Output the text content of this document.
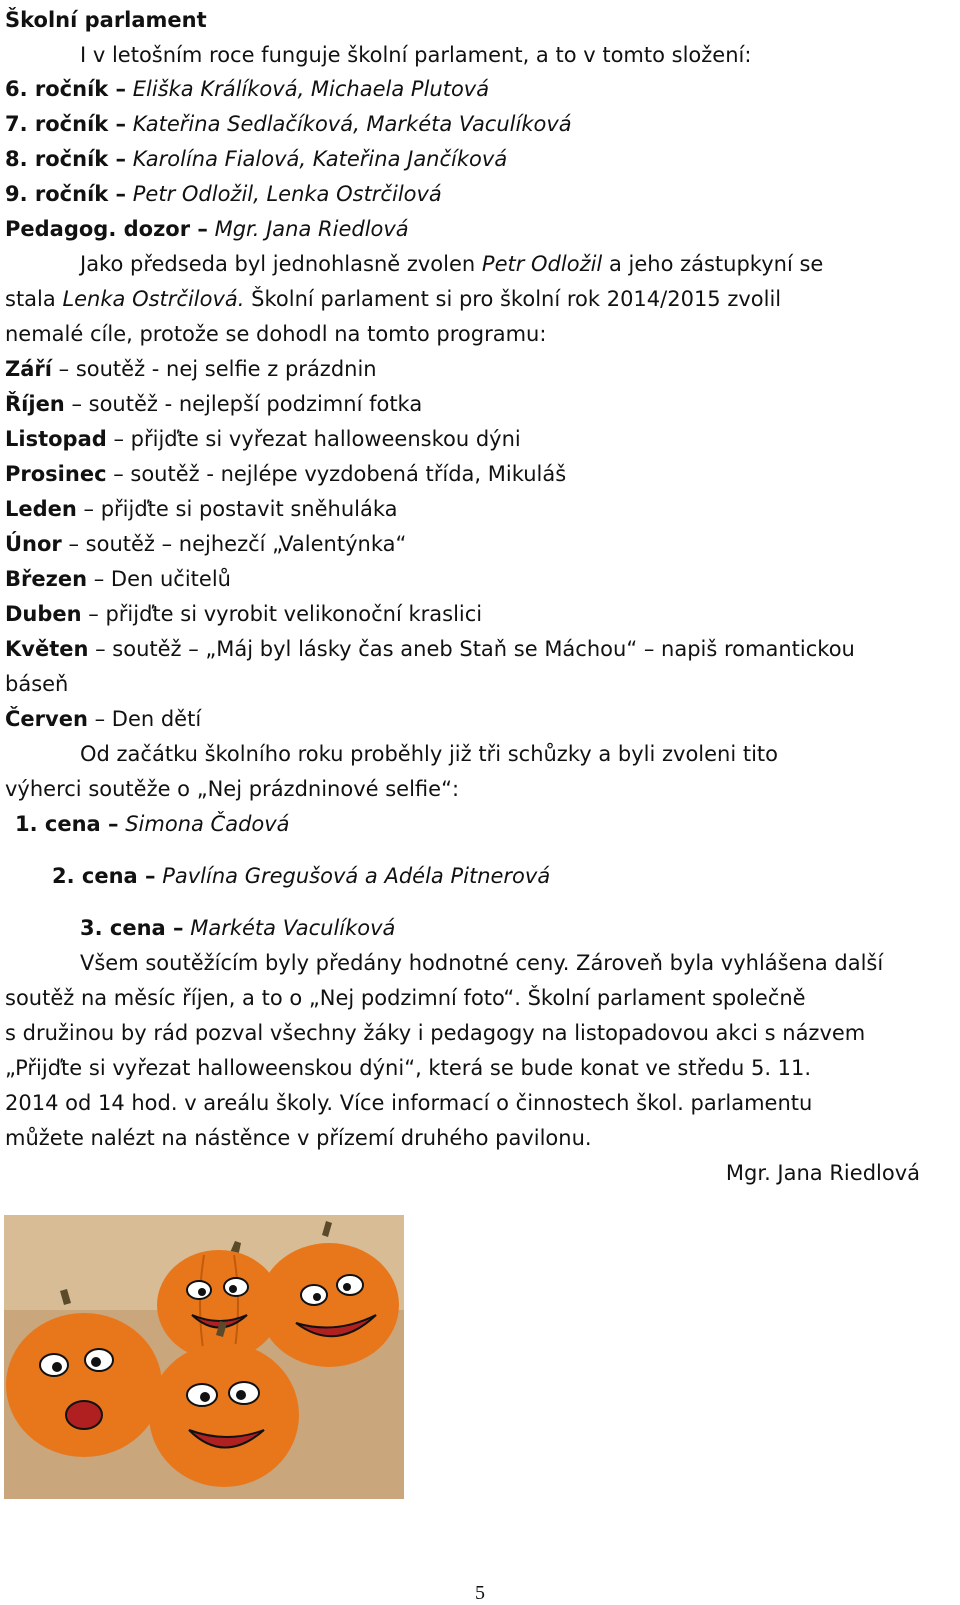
Školní parlament
I v letošním roce funguje školní parlament, a to v tomto složení:
6. ročník – Eliška Králíková, Michaela Plutová
7. ročník – Kateřina Sedlačíková, Markéta Vaculíková
8. ročník – Karolína Fialová, Kateřina Jančíková
9. ročník – Petr Odložil, Lenka Ostrčilová
Pedagog. dozor – Mgr. Jana Riedlová
Jako předseda byl jednohlasně zvolen Petr Odložil a jeho zástupkyní se
stala Lenka Ostrčilová. Školní parlament si pro školní rok 2014/2015 zvolil
nemalé cíle, protože se dohodl na tomto programu:
Září – soutěž - nej selfie z prázdnin
Říjen – soutěž - nejlepší podzimní fotka
Listopad – přijďte si vyřezat halloweenskou dýni
Prosinec – soutěž - nejlépe vyzdobená třída, Mikuláš
Leden – přijďte si postavit sněhuláka
Únor – soutěž – nejhezčí „Valentýnka“
Březen – Den učitelů
Duben – přijďte si vyrobit velikonoční kraslici
Květen – soutěž – „Máj byl lásky čas aneb Staň se Máchou“ – napiš romantickou
báseň
Červen – Den dětí
Od začátku školního roku proběhly již tři schůzky a byli zvoleni tito
výherci soutěže o „Nej prázdninové selfie“:
1. cena – Simona Čadová
2. cena – Pavlína Gregušová a Adéla Pitnerová
3. cena – Markéta Vaculíková
Všem soutěžícím byly předány hodnotné ceny. Zároveň byla vyhlášena další
soutěž na měsíc říjen, a to o „Nej podzimní foto“. Školní parlament společně
s družinou by rád pozval všechny žáky i pedagogy na listopadovou akci s názvem
„Přijďte si vyřezat halloweenskou dýni“, která se bude konat ve středu 5. 11.
2014 od 14 hod. v areálu školy. Více informací o činnostech škol. parlamentu
můžete nalézt na nástěnce v přízemí druhého pavilonu.
Mgr. Jana Riedlová
5
